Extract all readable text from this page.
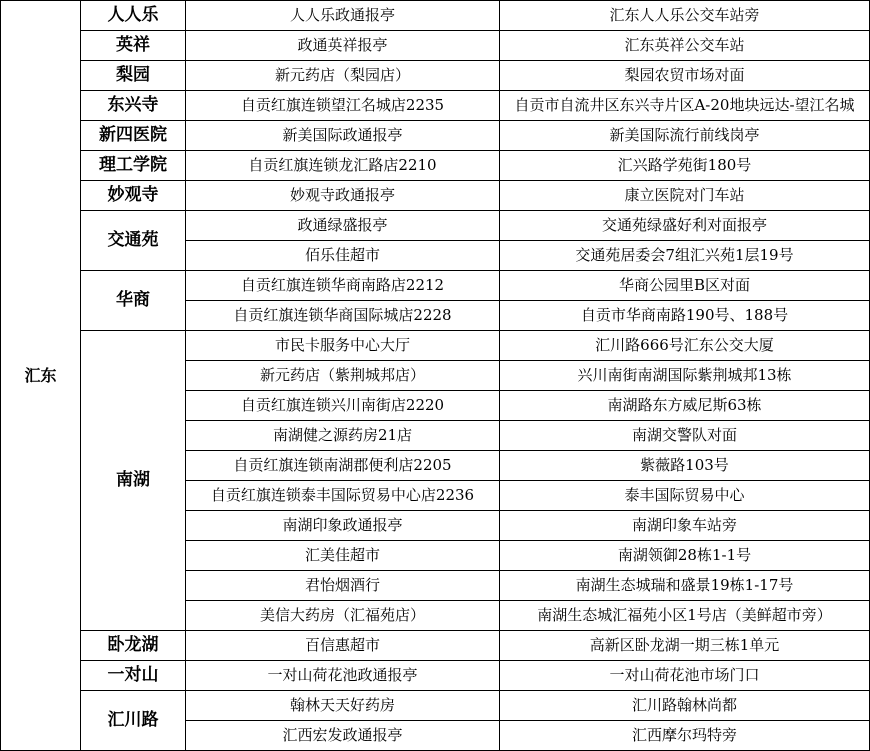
汇东	人人乐	人人乐政通报亭	汇东人人乐公交车站旁
	英祥	政通英祥报亭	汇东英祥公交车站
	梨园	新元药店（梨园店）	梨园农贸市场对面
	东兴寺	自贡红旗连锁望江名城店2235	自贡市自流井区东兴寺片区A-20地块远达-望江名城
	新四医院	新美国际政通报亭	新美国际流行前线岗亭
	理工学院	自贡红旗连锁龙汇路店2210	汇兴路学苑街180号
	妙观寺	妙观寺政通报亭	康立医院对门车站
	交通苑	政通绿盛报亭	交通苑绿盛好利对面报亭
		佰乐佳超市	交通苑居委会7组汇兴苑1层19号
	华商	自贡红旗连锁华商南路店2212	华商公园里B区对面
		自贡红旗连锁华商国际城店2228	自贡市华商南路190号、188号
	南湖	市民卡服务中心大厅	汇川路666号汇东公交大厦
		新元药店（紫荆城邦店）	兴川南街南湖国际紫荆城邦13栋
		自贡红旗连锁兴川南街店2220	南湖路东方威尼斯63栋
		南湖健之源药房21店	南湖交警队对面
		自贡红旗连锁南湖郡便利店2205	紫薇路103号
		自贡红旗连锁泰丰国际贸易中心店2236	泰丰国际贸易中心
		南湖印象政通报亭	南湖印象车站旁
		汇美佳超市	南湖领御28栋1-1号
		君怡烟酒行	南湖生态城瑞和盛景19栋1-17号
		美信大药房（汇福苑店）	南湖生态城汇福苑小区1号店（美鲜超市旁）
	卧龙湖	百信惠超市	高新区卧龙湖一期三栋1单元
	一对山	一对山荷花池政通报亭	一对山荷花池市场门口
	汇川路	翰林天天好药房	汇川路翰林尚都
		汇西宏发政通报亭	汇西摩尔玛特旁
